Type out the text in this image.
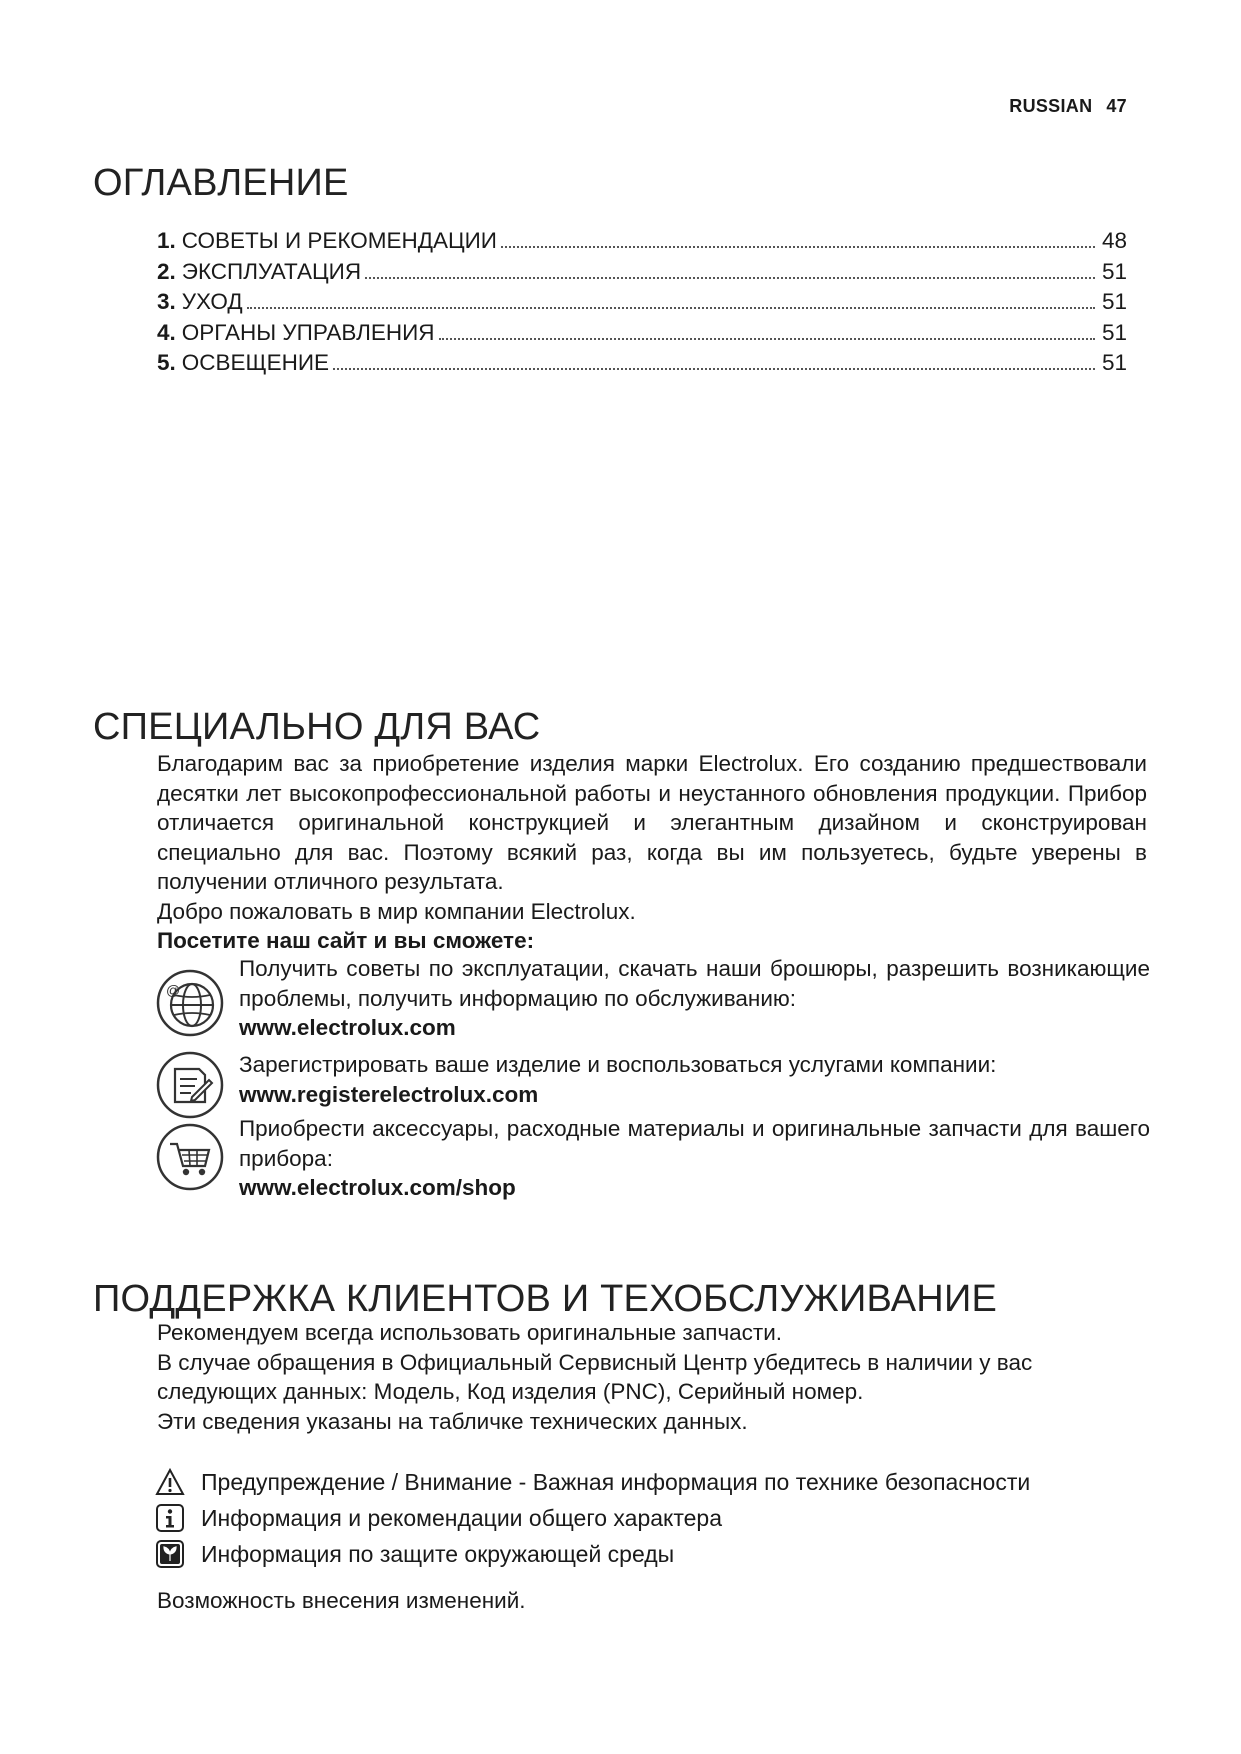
RUSSIAN 47
ОГЛАВЛЕНИЕ
1. СОВЕТЫ И РЕКОМЕНДАЦИИ	48
2. ЭКСПЛУАТАЦИЯ	51
3. УХОД	51
4. ОРГАНЫ УПРАВЛЕНИЯ	51
5. ОСВЕЩЕНИЕ	51
СПЕЦИАЛЬНО ДЛЯ ВАС

Благодарим вас за приобретение изделия марки Electrolux. Его созданию предшествовали десятки лет высокопрофессиональной работы и неустанного обновления продукции. Прибор отличается оригинальной конструкцией и элегантным дизайном и сконструирован специально для вас. Поэтому всякий раз, когда вы им пользуетесь, будьте уверены в получении отличного результата.

Добро пожаловать в мир компании Electrolux.

Посетите наш сайт и вы сможете:

@
Получить советы по эксплуатации, скачать наши брошюры, разрешить возникающие проблемы, получить информацию по обслуживанию:
www.electrolux.com
Зарегистрировать ваше изделие и воспользоваться услугами компании:
www.registerelectrolux.com
Приобрести аксессуары, расходные материалы и оригинальные запчасти для вашего прибора:
www.electrolux.com/shop
ПОДДЕРЖКА КЛИЕНТОВ И ТЕХОБСЛУЖИВАНИЕ

Рекомендуем всегда использовать оригинальные запчасти.

В случае обращения в Официальный Сервисный Центр убедитесь в наличии у вас следующих данных: Модель, Код изделия (PNC), Серийный номер.

Эти сведения указаны на табличке технических данных.

Предупреждение / Внимание - Важная информация по технике безопасности
Информация и рекомендации общего характера
Информация по защите окружающей среды
Возможность внесения изменений.
